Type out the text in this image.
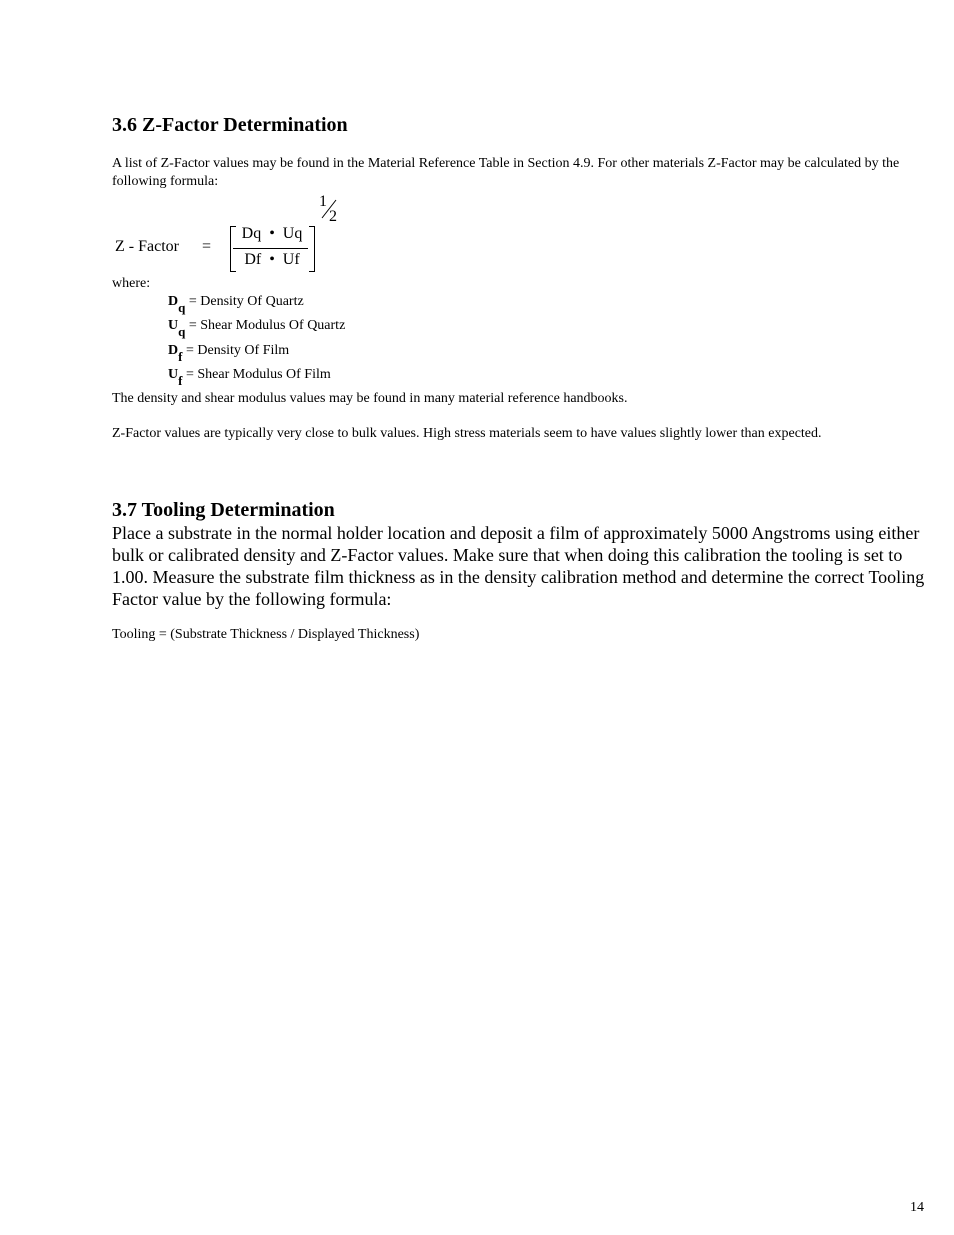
3.6 Z-Factor Determination
A list of Z-Factor values may be found in the Material Reference Table in Section 4.9. For other materials Z-Factor may be calculated by the following formula:
Z - Factor =
Dq  •  Uq
Df  •  Uf
1
2
where:
$D_q$ = Density Of Quartz
$U_q$ = Shear Modulus Of Quartz
$D_f$ = Density Of Film
$U_f$ = Shear Modulus Of Film
The density and shear modulus values may be found in many material reference handbooks.
Z-Factor values are typically very close to bulk values. High stress materials seem to have values slightly lower than expected.
3.7 Tooling Determination
Place a substrate in the normal holder location and deposit a film of approximately 5000 Angstroms using either bulk or calibrated density and Z-Factor values. Make sure that when doing this calibration the tooling is set to 1.00. Measure the substrate film thickness as in the density calibration method and determine the correct Tooling Factor value by the following formula:
Tooling = (Substrate Thickness / Displayed Thickness)
14
